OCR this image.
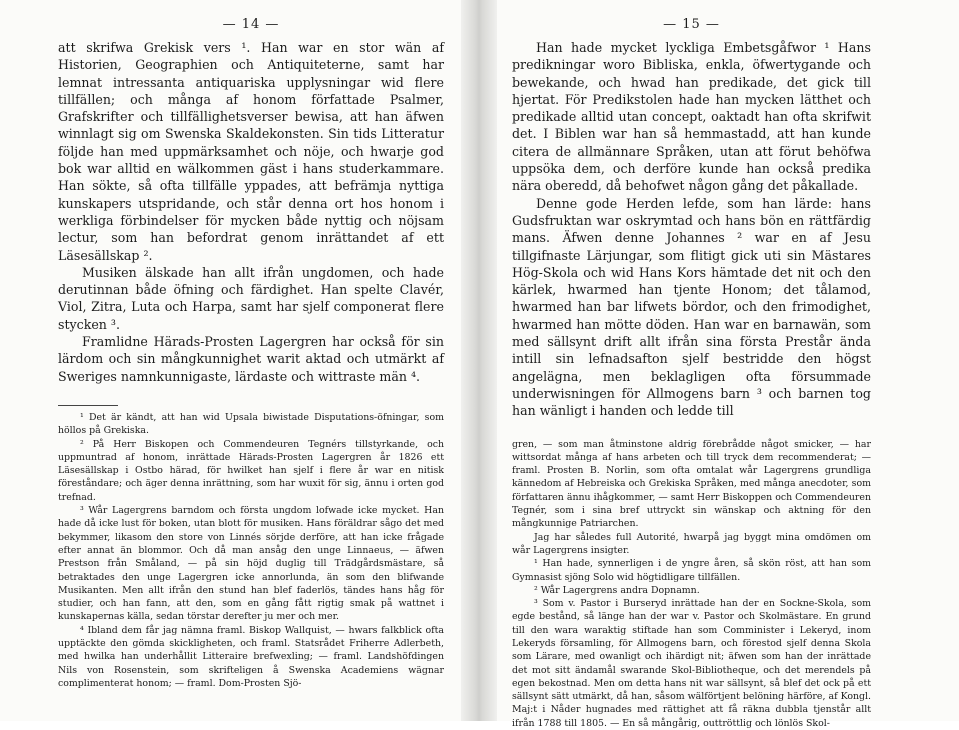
— 14 —

att skrifwa Grekisk vers ¹. Han war en stor wän af Historien, Geographien och Antiquiteterne, samt har lemnat intressanta antiquariska upplysningar wid flere tillfällen; och många af honom författade Psalmer, Grafskrifter och tillfällighetsverser bewisa, att han äfwen winnlagt sig om Swenska Skaldekonsten. Sin tids Litteratur följde han med uppmärksamhet och nöje, och hwarje god bok war alltid en wälkommen gäst i hans studerkammare. Han sökte, så ofta tillfälle yppades, att befrämja nyttiga kunskapers utspridande, och står denna ort hos honom i werkliga förbindelser för mycken både nyttig och nöjsam lectur, som han befordrat genom inrättandet af ett Läsesällskap ².

Musiken älskade han allt ifrån ungdomen, och hade derutinnan både öfning och färdighet. Han spelte Clavér, Viol, Zitra, Luta och Harpa, samt har sjelf componerat flere stycken ³.

Framlidne Härads-Prosten Lagergren har också för sin lärdom och sin mångkunnighet warit aktad och utmärkt af Sweriges namnkunnigaste, lärdaste och wittraste män ⁴.

¹ Det är kändt, att han wid Upsala biwistade Disputations-öfningar, som höllos på Grekiska.

² På Herr Biskopen och Commendeuren Tegnérs tillstyrkande, och uppmuntrad af honom, inrättade Härads-Prosten Lagergren år 1826 ett Läsesällskap i Ostbo härad, för hwilket han sjelf i flere år war en nitisk föreståndare; och äger denna inrättning, som har wuxit för sig, ännu i orten god trefnad.

³ Wår Lagergrens barndom och första ungdom lofwade icke mycket. Han hade då icke lust för boken, utan blott för musiken. Hans föräldrar sågo det med bekymmer, likasom den store von Linnés sörjde derföre, att han icke frågade efter annat än blommor. Och då man ansåg den unge Linnaeus, — äfwen Prestson från Småland, — på sin höjd duglig till Trädgårdsmästare, så betraktades den unge Lagergren icke annorlunda, än som den blifwande Musikanten. Men allt ifrån den stund han blef faderlös, tändes hans håg för studier, och han fann, att den, som en gång fått rigtig smak på wattnet i kunskapernas källa, sedan törstar derefter ju mer och mer.

⁴ Ibland dem får jag nämna framl. Biskop Wallquist, — hwars falkblick ofta upptäckte den gömda skickligheten, och framl. Statsrådet Friherre Adlerbeth, med hwilka han underhållit Litteraire brefwexling; — framl. Landshöfdingen Nils von Rosenstein, som skrifteligen å Swenska Academiens wägnar complimenterat honom; — framl. Dom-Prosten Sjö-

— 15 —

Han hade mycket lyckliga Embetsgåfwor ¹ Hans predikningar woro Bibliska, enkla, öfwertygande och bewekande, och hwad han predikade, det gick till hjertat. För Predikstolen hade han mycken lätthet och predikade alltid utan concept, oaktadt han ofta skrifwit det. I Biblen war han så hemmastadd, att han kunde citera de allmännare Språken, utan att förut behöfwa uppsöka dem, och derföre kunde han också predika nära oberedd, då behofwet någon gång det påkallade.

Denne gode Herden lefde, som han lärde: hans Gudsfruktan war oskrymtad och hans bön en rättfärdig mans. Äfwen denne Johannes ² war en af Jesu tillgifnaste Lärjungar, som flitigt gick uti sin Mästares Hög-Skola och wid Hans Kors hämtade det nit och den kärlek, hwarmed han tjente Honom; det tålamod, hwarmed han bar lifwets bördor, och den frimodighet, hwarmed han mötte döden. Han war en barnawän, som med sällsynt drift allt ifrån sina första Prestår ända intill sin lefnadsafton sjelf bestridde den högst angelägna, men beklagligen ofta försummade underwisningen för Allmogens barn ³ och barnen tog han wänligt i handen och ledde till

gren, — som man åtminstone aldrig förebrådde något smicker, — har wittsordat många af hans arbeten och till tryck dem recommenderat; — framl. Prosten B. Norlin, som ofta omtalat wår Lagergrens grundliga kännedom af Hebreiska och Grekiska Språken, med många anecdoter, som författaren ännu ihågkommer, — samt Herr Biskoppen och Commendeuren Tegnér, som i sina bref uttryckt sin wänskap och aktning för den mångkunnige Patriarchen.

Jag har således full Autorité, hwarpå jag byggt mina omdömen om wår Lagergrens insigter.

¹ Han hade, synnerligen i de yngre åren, så skön röst, att han som Gymnasist sjöng Solo wid högtidligare tillfällen.

² Wår Lagergrens andra Dopnamn.

³ Som v. Pastor i Burseryd inrättade han der en Sockne-Skola, som egde bestånd, så länge han der war v. Pastor och Skolmästare. En grund till den wara waraktig stiftade han som Comminister i Lekeryd, inom Lekeryds församling, för Allmogens barn, och förestod sjelf denna Skola som Lärare, med owanligt och ihärdigt nit; äfwen som han der inrättade det mot sitt ändamål swarande Skol-Bibliotheque, och det merendels på egen bekostnad. Men om detta hans nit war sällsynt, så blef det ock på ett sällsynt sätt utmärkt, då han, såsom wälförtjent belöning härföre, af Kongl. Maj:t i Nåder hugnades med rättighet att få räkna dubbla tjenstår allt ifrån 1788 till 1805. — En så mångårig, outtröttlig och lönlös Skol-
